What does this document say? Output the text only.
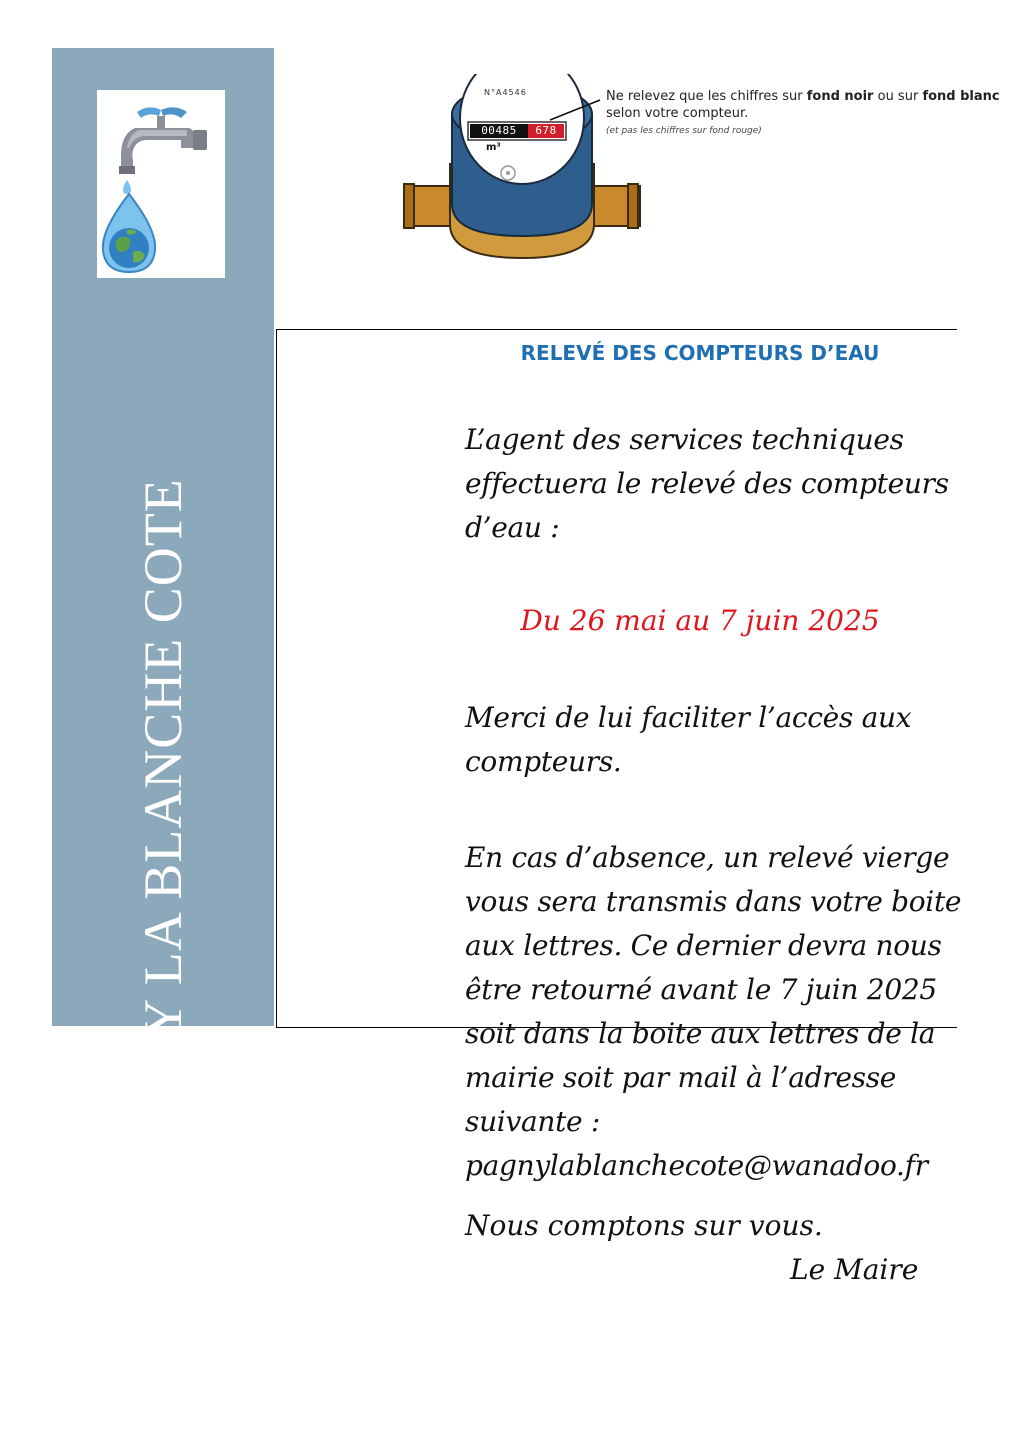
PAGNY LA BLANCHE COTE
N°A4546
00485	678
m³
Ne relevez que les chiffres sur fond noir ou sur fond blanc
selon votre compteur.
(et pas les chiffres sur fond rouge)
RELEVÉ DES COMPTEURS D’EAU
L’agent des services techniques effectuera le relevé des compteurs d’eau :
Du 26 mai au 7 juin 2025
Merci de lui faciliter l’accès aux compteurs.
En cas d’absence, un relevé vierge vous sera transmis dans votre boite aux lettres. Ce dernier devra nous être retourné avant le 7 juin 2025 soit dans la boite aux lettres de la mairie soit par mail à l’adresse suivante : pagnylablanchecote@wanadoo.fr
Nous comptons sur vous.
Le Maire
